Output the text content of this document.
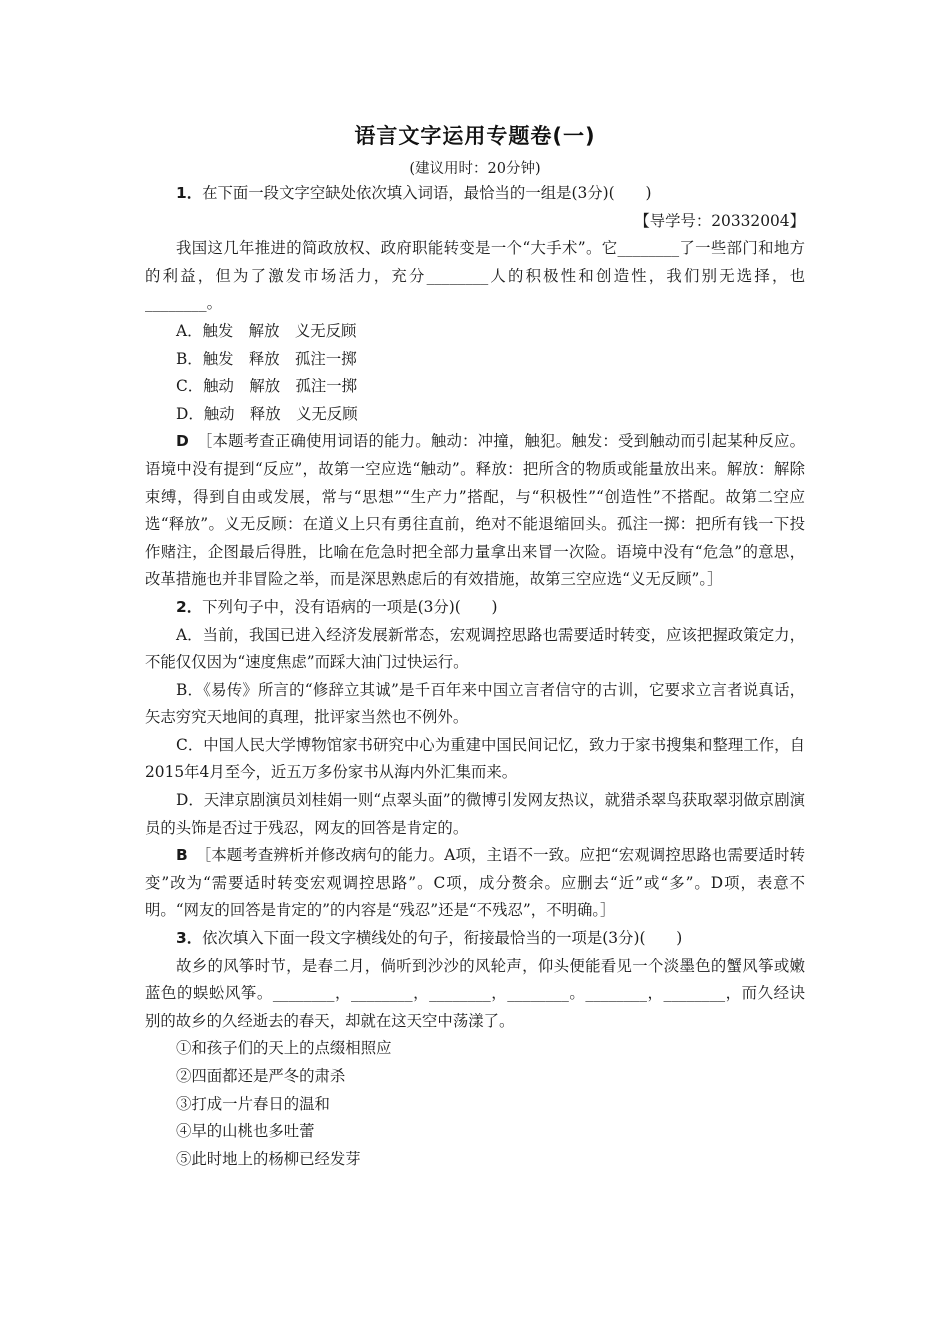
语言文字运用专题卷(一)
(建议用时：20分钟)

1．在下面一段文字空缺处依次填入词语，最恰当的一组是(3分)(　　)

【导学号：20332004】

我国这几年推进的简政放权、政府职能转变是一个“大手术”。它________了一些部门和地方的利益，但为了激发市场活力，充分________人的积极性和创造性，我们别无选择，也________。

A．触发　解放　义无反顾

B．触发　释放　孤注一掷

C．触动　解放　孤注一掷

D．触动　释放　义无反顾

D　 ［本题考查正确使用词语的能力。触动：冲撞，触犯。触发：受到触动而引起某种反应。语境中没有提到“反应”，故第一空应选“触动”。释放：把所含的物质或能量放出来。解放：解除束缚，得到自由或发展，常与“思想”“生产力”搭配，与“积极性”“创造性”不搭配。故第二空应选“释放”。义无反顾：在道义上只有勇往直前，绝对不能退缩回头。孤注一掷：把所有钱一下投作赌注，企图最后得胜，比喻在危急时把全部力量拿出来冒一次险。语境中没有“危急”的意思，改革措施也并非冒险之举，而是深思熟虑后的有效措施，故第三空应选“义无反顾”。］

2．下列句子中，没有语病的一项是(3分)(　　)

A．当前，我国已进入经济发展新常态，宏观调控思路也需要适时转变，应该把握政策定力，不能仅仅因为“速度焦虑”而踩大油门过快运行。

B．《易传》所言的“修辞立其诚”是千百年来中国立言者信守的古训，它要求立言者说真话，矢志穷究天地间的真理，批评家当然也不例外。

C．中国人民大学博物馆家书研究中心为重建中国民间记忆，致力于家书搜集和整理工作，自2015年4月至今，近五万多份家书从海内外汇集而来。

D．天津京剧演员刘桂娟一则“点翠头面”的微博引发网友热议，就猎杀翠鸟获取翠羽做京剧演员的头饰是否过于残忍，网友的回答是肯定的。

B　 ［本题考查辨析并修改病句的能力。A项，主语不一致。应把“宏观调控思路也需要适时转变”改为“需要适时转变宏观调控思路”。C项，成分赘余。应删去“近”或“多”。D项，表意不明。“网友的回答是肯定的”的内容是“残忍”还是“不残忍”，不明确。］

3．依次填入下面一段文字横线处的句子，衔接最恰当的一项是(3分)(　　)

故乡的风筝时节，是春二月，倘听到沙沙的风轮声，仰头便能看见一个淡墨色的蟹风筝或嫩蓝色的蜈蚣风筝。________，________，________，________。________，________，而久经诀别的故乡的久经逝去的春天，却就在这天空中荡漾了。

①和孩子们的天上的点缀相照应

②四面都还是严冬的肃杀

③打成一片春日的温和

④早的山桃也多吐蕾

⑤此时地上的杨柳已经发芽
